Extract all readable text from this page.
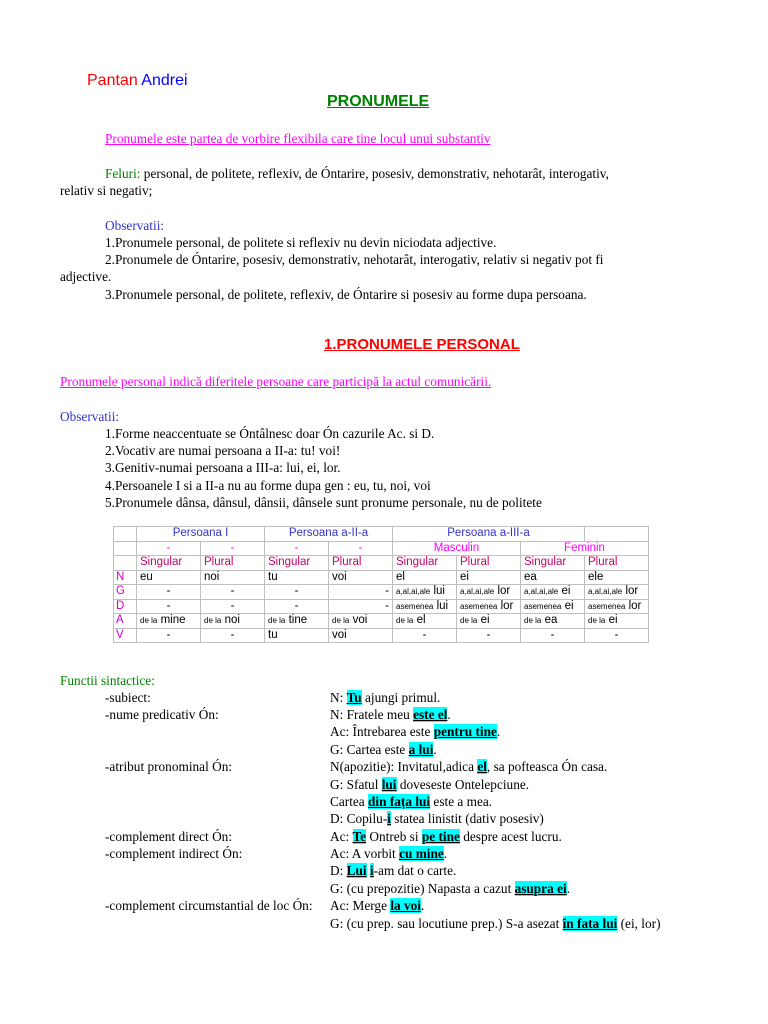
Pantan Andrei
PRONUMELE
Pronumele este partea de vorbire flexibila care tine locul unui substantiv
Feluri: personal, de politete, reflexiv, de Óntarire, posesiv, demonstrativ, nehotarât, interogativ,
relativ si negativ;
Observatii:
1.Pronumele personal, de politete si reflexiv nu devin niciodata adjective.
2.Pronumele de Óntarire, posesiv, demonstrativ, nehotarât, interogativ, relativ si negativ pot fi
adjective.
3.Pronumele personal, de politete, reflexiv, de Óntarire si posesiv au forme dupa persoana.
1.PRONUMELE PERSONAL
Pronumele personal indică diferitele persoane care participă la actul comunicării.
Observatii:
1.Forme neaccentuate se Óntâlnesc doar Ón cazurile Ac. si D.
2.Vocativ are numai persoana a II-a: tu! voi!
3.Genitiv-numai persoana a III-a: lui, ei, lor.
4.Persoanele I si a II-a nu au forme dupa gen : eu, tu, noi, voi
5.Pronumele dânsa, dânsul, dânsii, dânsele sunt pronume personale, nu de politete
	Persoana I		Persoana a-II-a		Persoana a-III-a			
	-	-	-	-	Masculin		Feminin	
	Singular	Plural	Singular	Plural	Singular	Plural	Singular	Plural
N	eu	noi	tu	voi	el	ei	ea	ele
G	-	-	-	-	a,al,ai,ale lui	a,al,ai,ale lor	a,al,ai,ale ei	a,al,ai,ale lor
D	-	-	-	-	asemenea lui	asemenea lor	asemenea ei	asemenea lor
A	de la mine	de la noi	de la tine	de la voi	de la el	de la ei	de la ea	de la ei
V	-	-	tu	voi	-	-	-	-
Functii sintactice:
-subiect:	N: Tu ajungi primul.
-nume predicativ Ón:	N: Fratele meu este el.
Ac: Întrebarea este pentru tine.
G: Cartea este a lui.
-atribut pronominal Ón:	N(apozitie): Invitatul,adica el, sa pofteasca Ón casa.
G: Sfatul lui doveseste Ontelepciune.
Cartea din fața lui este a mea.
D: Copilu-i statea linistit (dativ posesiv)
-complement direct Ón:	Ac: Te Ontreb si pe tine despre acest lucru.
-complement indirect Ón:	Ac: A vorbit cu mine.
D: Lui i-am dat o carte.
G: (cu prepozitie) Napasta a cazut asupra ei.
-complement circumstantial de loc Ón: Ac: Merge la voi.
G: (cu prep. sau locutiune prep.) S-a asezat în fata lui (ei, lor)
